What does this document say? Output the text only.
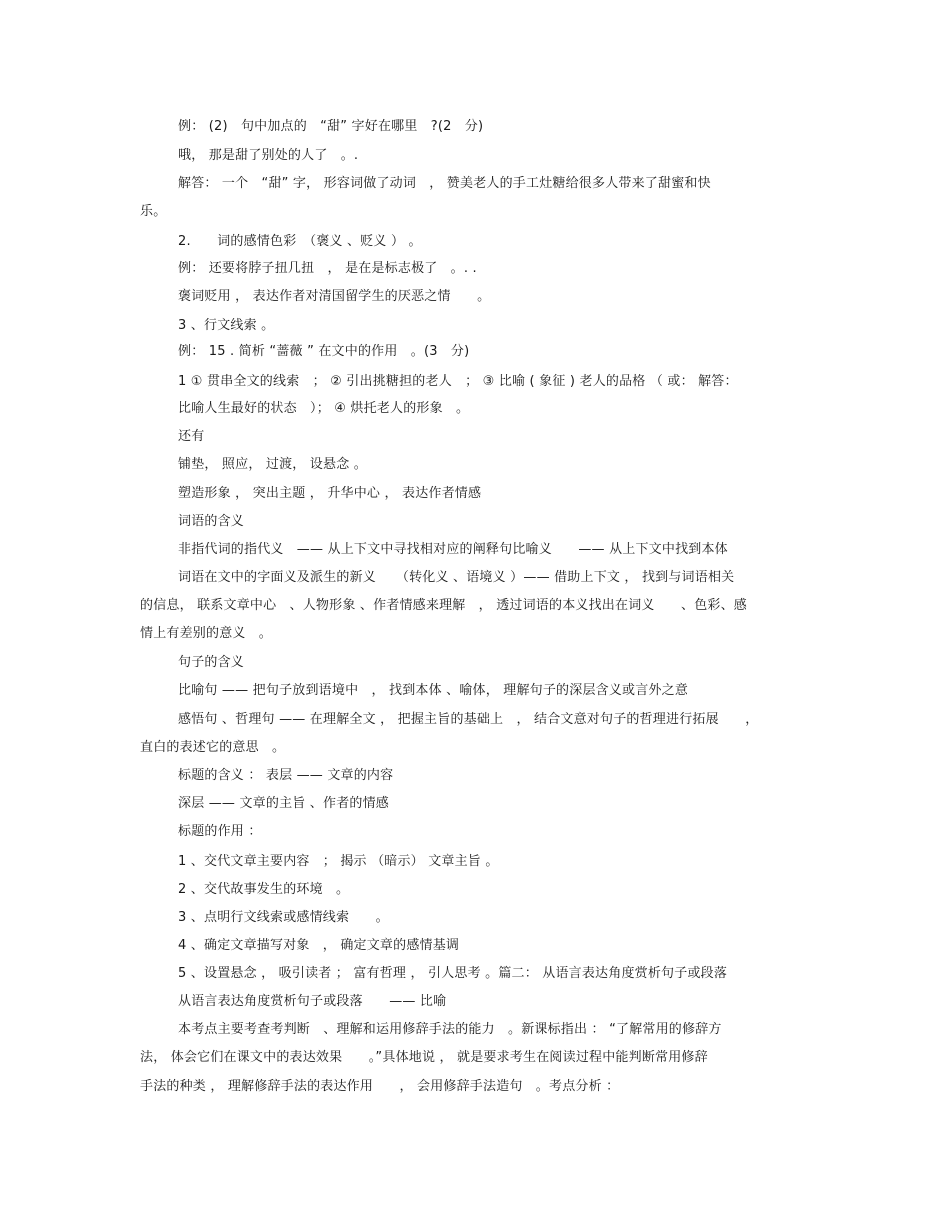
例： (2)　句中加点的　“甜” 字好在哪里　?(2　分)
哦， 那是甜了别处的人了　。.
解答： 一个　“甜” 字， 形容词做了动词　， 赞美老人的手工灶糖给很多人带来了甜蜜和快
乐。
2.　　词的感情色彩　（褒义 、贬义 ） 。
例： 还要将脖子扭几扭　， 是在是标志极了　。. .
褒词贬用 ， 表达作者对清国留学生的厌恶之情　　。
3 、行文线索 。
例： 15 . 简析 “蔷薇 ” 在文中的作用　。(3　分)
1 ① 贯串全文的线索　； ② 引出挑糖担的老人　； ③ 比喻 ( 象征 ) 老人的品格 （ 或： 解答：
比喻人生最好的状态　）； ④ 烘托老人的形象　。
还有
铺垫， 照应， 过渡， 设悬念 。
塑造形象 ， 突出主题 ， 升华中心 ， 表达作者情感
词语的含义
非指代词的指代义　—— 从上下文中寻找相对应的阐释句比喻义　　—— 从上下文中找到本体
词语在文中的字面义及派生的新义　　（转化义 、语境义 ）—— 借助上下文 ， 找到与词语相关
的信息， 联系文章中心　、人物形象 、作者情感来理解　， 透过词语的本义找出在词义　　、色彩、感
情上有差别的意义　。
句子的含义
比喻句 —— 把句子放到语境中　， 找到本体 、喻体， 理解句子的深层含义或言外之意
感悟句 、哲理句 —— 在理解全文 ， 把握主旨的基础上　， 结合文意对句子的哲理进行拓展　　，
直白的表述它的意思　。
标题的含义 ： 表层 —— 文章的内容
深层 —— 文章的主旨 、作者的情感
标题的作用 ：
1 、交代文章主要内容　； 揭示 （暗示） 文章主旨 。
2 、交代故事发生的环境　。
3 、点明行文线索或感情线索　　。
4 、确定文章描写对象　， 确定文章的感情基调
5 、设置悬念 ， 吸引读者 ； 富有哲理 ， 引人思考 。篇二： 从语言表达角度赏析句子或段落
从语言表达角度赏析句子或段落　　—— 比喻
本考点主要考查考判断　、理解和运用修辞手法的能力　。新课标指出 ： “了解常用的修辞方
法， 体会它们在课文中的表达效果　　。”具体地说 ， 就是要求考生在阅读过程中能判断常用修辞
手法的种类 ， 理解修辞手法的表达作用　　， 会用修辞手法造句　。考点分析 ：
